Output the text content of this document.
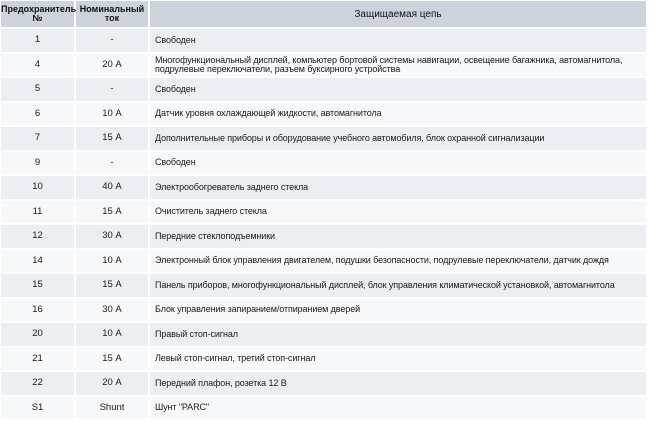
Предохранитель №	Номинальный ток	Защищаемая цепь
1	-	Свободен
4	20 А	Многофункциональный дисплей, компьютер бортовой системы навигации, освещение багажника, автомагнитола, подрулевые переключатели, разъем буксирного устройства
5	-	Свободен
6	10 А	Датчик уровня охлаждающей жидкости, автомагнитола
7	15 А	Дополнительные приборы и оборудование учебного автомобиля, блок охранной сигнализации
9	-	Свободен
10	40 А	Электрообогреватель заднего стекла
11	15 А	Очиститель заднего стекла
12	30 А	Передние стеклоподъемники
14	10 А	Электронный блок управления двигателем, подушки безопасности, подрулевые переключатели, датчик дождя
15	15 А	Панель приборов, многофункциональный дисплей, блок управления климатической установкой, автомагнитола
16	30 А	Блок управления запиранием/отпиранием дверей
20	10 А	Правый стоп-сигнал
21	15 А	Левый стоп-сигнал, третий стоп-сигнал
22	20 А	Передний плафон, розетка 12 В
S1	Shunt	Шунт "PARC"
